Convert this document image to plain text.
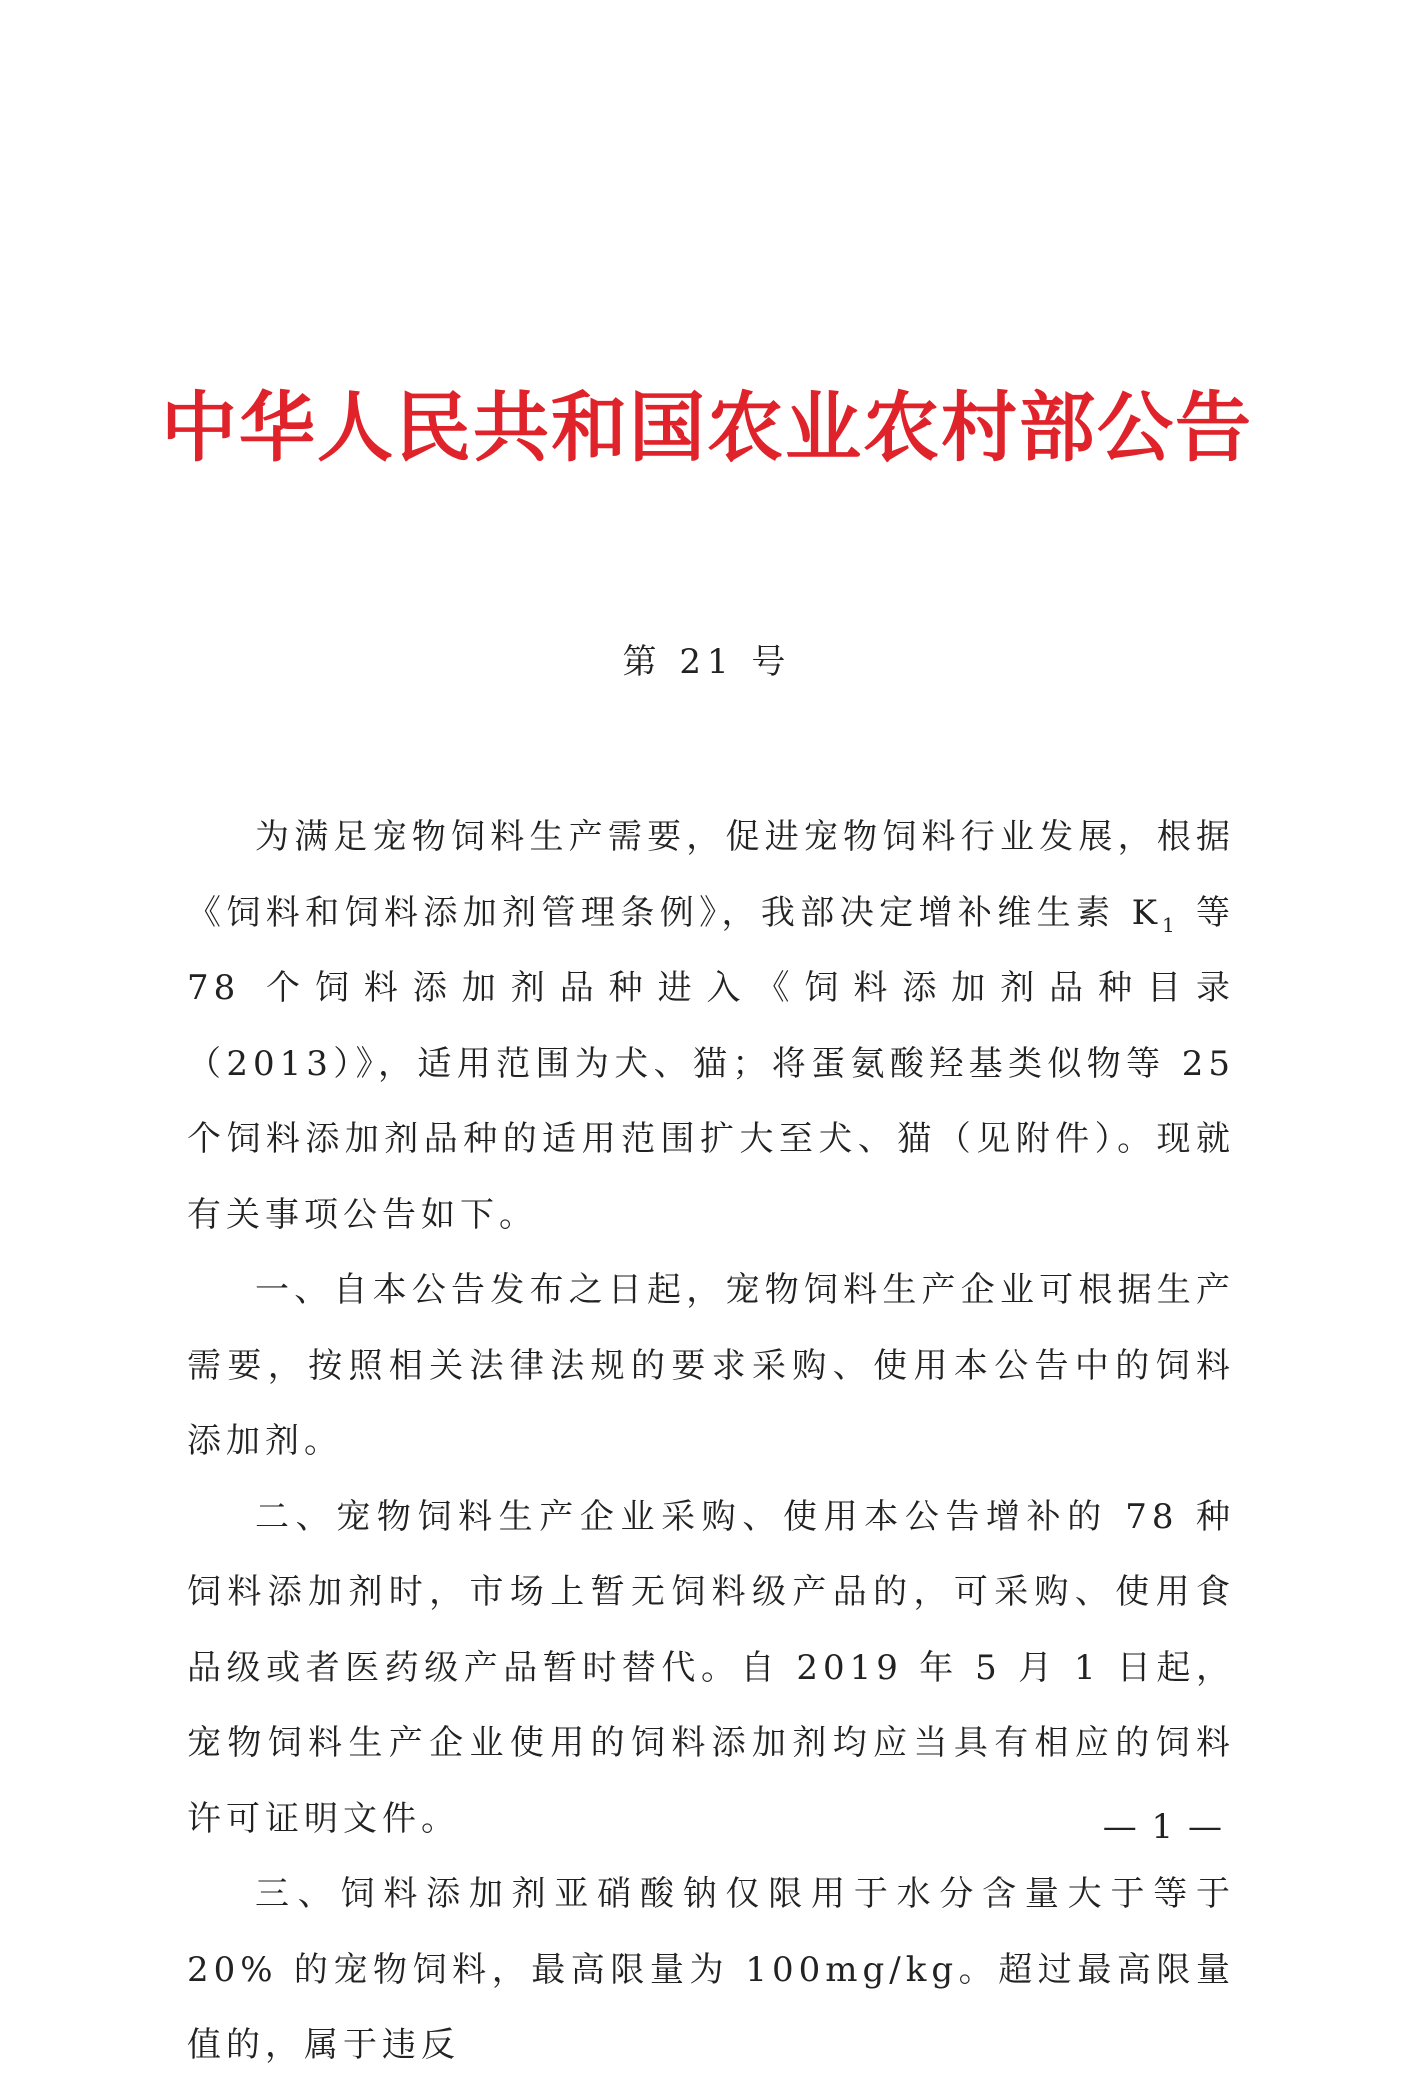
中华人民共和国农业农村部公告
第 21 号

为满足宠物饲料生产需要，促进宠物饲料行业发展，根据《饲料和饲料添加剂管理条例》，我部决定增补维生素 $K_1$ 等 78 个饲料添加剂品种进入《饲料添加剂品种目录（2013）》，适用范围为犬、猫；将蛋氨酸羟基类似物等 25 个饲料添加剂品种的适用范围扩大至犬、猫（见附件）。现就有关事项公告如下。

一、自本公告发布之日起，宠物饲料生产企业可根据生产需要，按照相关法律法规的要求采购、使用本公告中的饲料添加剂。

二、宠物饲料生产企业采购、使用本公告增补的 78 种饲料添加剂时，市场上暂无饲料级产品的，可采购、使用食品级或者医药级产品暂时替代。自 2019 年 5 月 1 日起，宠物饲料生产企业使用的饲料添加剂均应当具有相应的饲料许可证明文件。

三、饲料添加剂亚硝酸钠仅限用于水分含量大于等于 20% 的宠物饲料，最高限量为 100mg/kg。超过最高限量值的，属于违反

— 1 —
